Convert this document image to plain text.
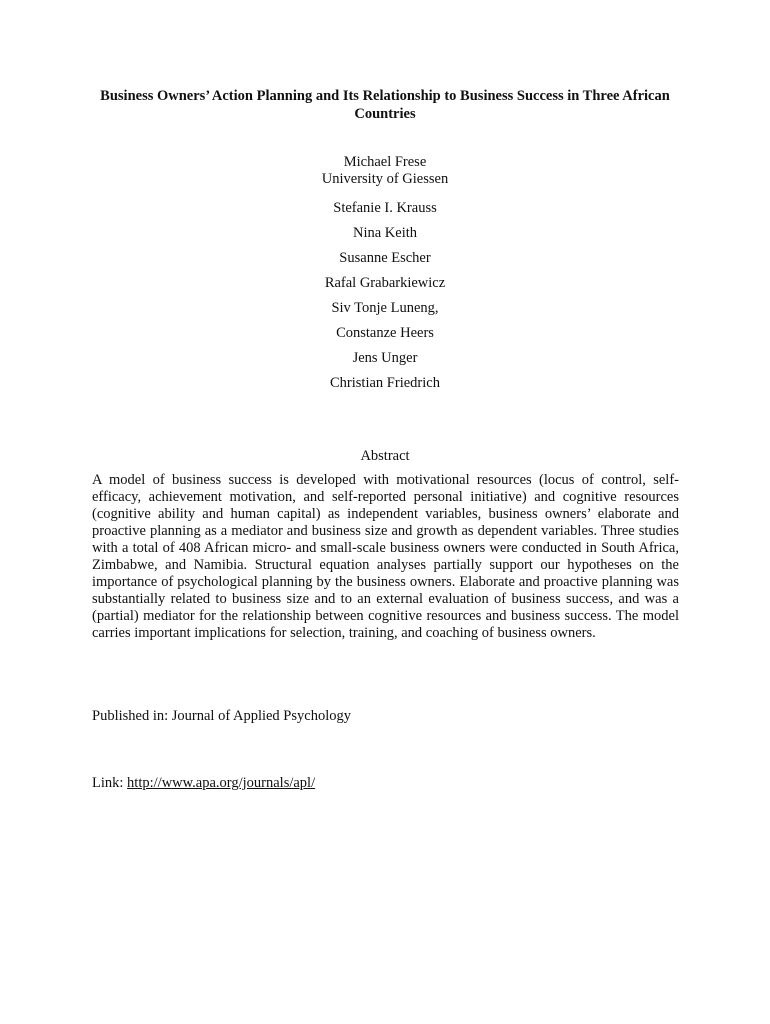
Business Owners’ Action Planning and Its Relationship to Business Success in Three African Countries
Michael Frese
University of Giessen
Stefanie I. Krauss
Nina Keith
Susanne Escher
Rafal Grabarkiewicz
Siv Tonje Luneng,
Constanze Heers
Jens Unger
Christian Friedrich
Abstract
A model of business success is developed with motivational resources (locus of control, self-efficacy, achievement motivation, and self-reported personal initiative) and cognitive resources (cognitive ability and human capital) as independent variables, business owners’ elaborate and proactive planning as a mediator and business size and growth as dependent variables. Three studies with a total of 408 African micro- and small-scale business owners were conducted in South Africa, Zimbabwe, and Namibia. Structural equation analyses partially support our hypotheses on the importance of psychological planning by the business owners. Elaborate and proactive planning was substantially related to business size and to an external evaluation of business success, and was a (partial) mediator for the relationship between cognitive resources and business success. The model carries important implications for selection, training, and coaching of business owners.
Published in: Journal of Applied Psychology
Link: http://www.apa.org/journals/apl/
